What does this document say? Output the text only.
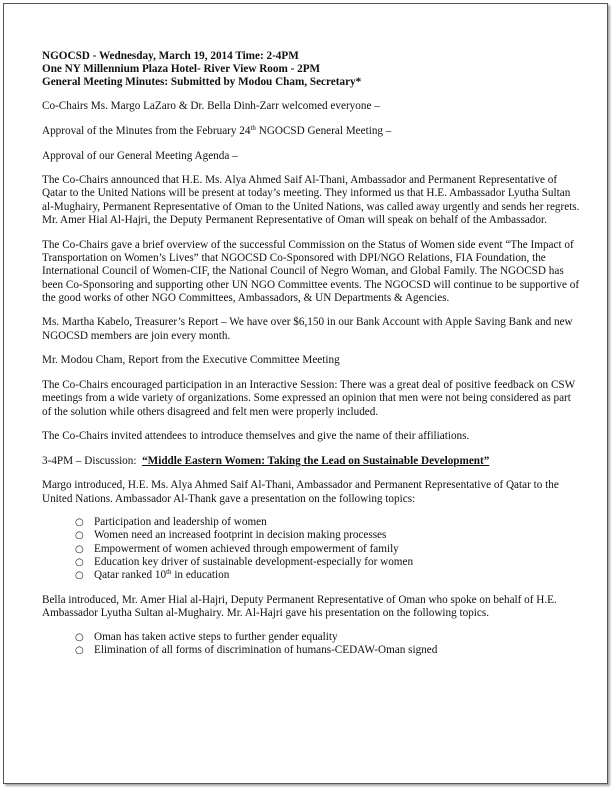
NGOCSD - Wednesday, March 19, 2014 Time: 2-4PM
One NY Millennium Plaza Hotel- River View Room - 2PM
General Meeting Minutes: Submitted by Modou Cham, Secretary*

Co-Chairs Ms. Margo LaZaro & Dr. Bella Dinh-Zarr welcomed everyone –

Approval of the Minutes from the February 24th NGOCSD General Meeting –

Approval of our General Meeting Agenda –

The Co-Chairs announced that H.E. Ms. Alya Ahmed Saif Al-Thani, Ambassador and Permanent Representative of Qatar to the United Nations will be present at today’s meeting. They informed us that H.E. Ambassador Lyutha Sultan al-Mughairy, Permanent Representative of Oman to the United Nations, was called away urgently and sends her regrets. Mr. Amer Hial Al-Hajri, the Deputy Permanent Representative of Oman will speak on behalf of the Ambassador.

The Co-Chairs gave a brief overview of the successful Commission on the Status of Women side event “The Impact of Transportation on Women’s Lives” that NGOCSD Co-Sponsored with DPI/NGO Relations, FIA Foundation, the International Council of Women-CIF, the National Council of Negro Woman, and Global Family. The NGOCSD has been Co-Sponsoring and supporting other UN NGO Committee events. The NGOCSD will continue to be supportive of the good works of other NGO Committees, Ambassadors, & UN Departments & Agencies.

Ms. Martha Kabelo, Treasurer’s Report – We have over $6,150 in our Bank Account with Apple Saving Bank and new NGOCSD members are join every month.

Mr. Modou Cham, Report from the Executive Committee Meeting

The Co-Chairs encouraged participation in an Interactive Session: There was a great deal of positive feedback on CSW meetings from a wide variety of organizations. Some expressed an opinion that men were not being considered as part of the solution while others disagreed and felt men were properly included.

The Co-Chairs invited attendees to introduce themselves and give the name of their affiliations.

3-4PM – Discussion:  “Middle Eastern Women: Taking the Lead on Sustainable Development”

Margo introduced, H.E. Ms. Alya Ahmed Saif Al-Thani, Ambassador and Permanent Representative of Qatar to the United Nations. Ambassador Al-Thank gave a presentation on the following topics:

○ Participation and leadership of women
○ Women need an increased footprint in decision making processes
○ Empowerment of women achieved through empowerment of family
○ Education key driver of sustainable development-especially for women
○ Qatar ranked 10th in education

Bella introduced, Mr. Amer Hial al-Hajri, Deputy Permanent Representative of Oman who spoke on behalf of H.E. Ambassador Lyutha Sultan al-Mughairy. Mr. Al-Hajri gave his presentation on the following topics.

○ Oman has taken active steps to further gender equality
○ Elimination of all forms of discrimination of humans-CEDAW-Oman signed
